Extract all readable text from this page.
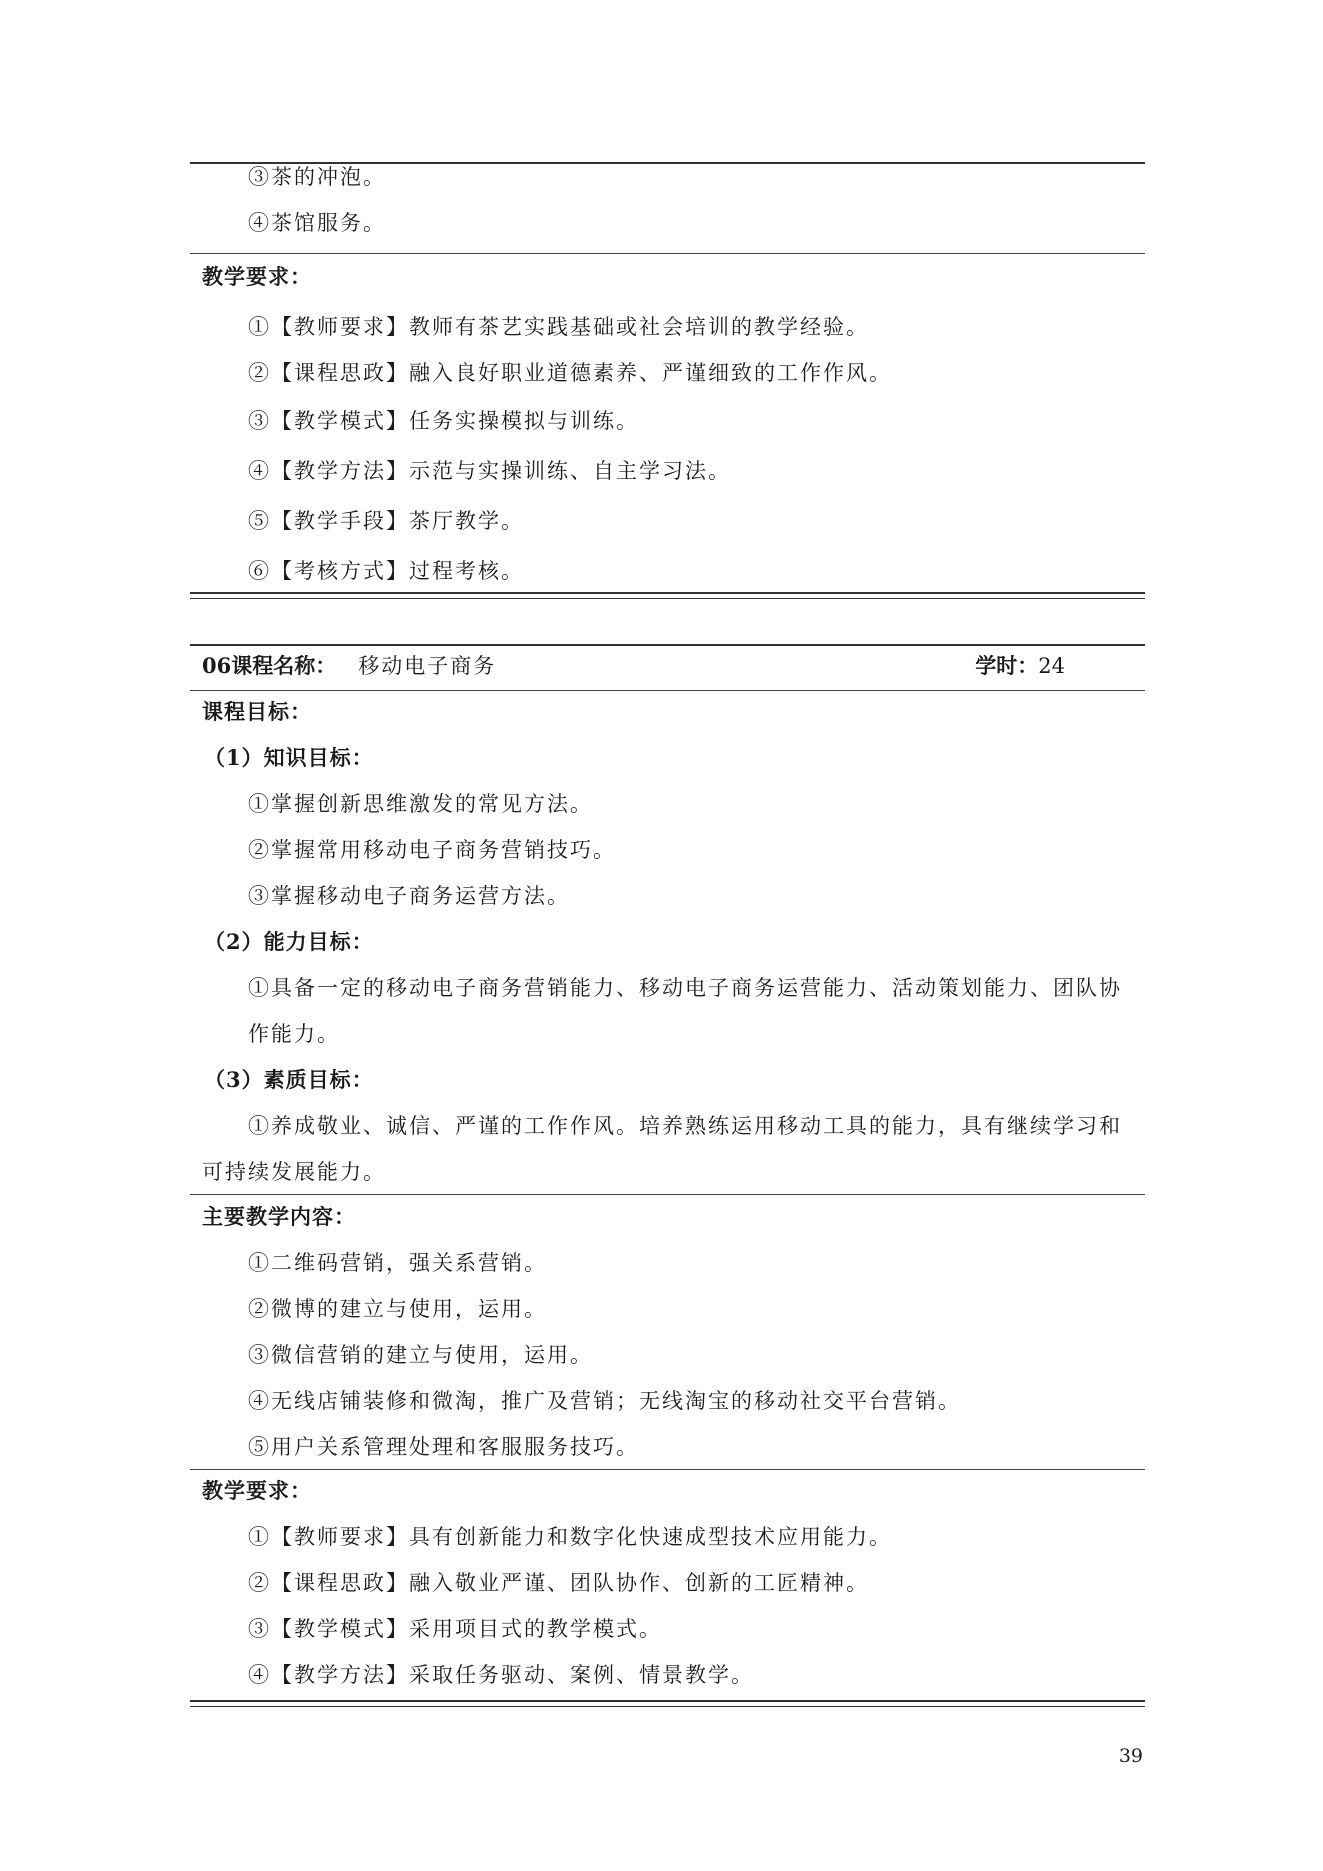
③茶的冲泡。
④茶馆服务。
教学要求：
①【教师要求】教师有茶艺实践基础或社会培训的教学经验。
②【课程思政】融入良好职业道德素养、严谨细致的工作作风。
③【教学模式】任务实操模拟与训练。
④【教学方法】示范与实操训练、自主学习法。
⑤【教学手段】茶厅教学。
⑥【考核方式】过程考核。
06课程名称： 移动电子商务	学时：24
课程目标：
（1）知识目标：
①掌握创新思维激发的常见方法。
②掌握常用移动电子商务营销技巧。
③掌握移动电子商务运营方法。
（2）能力目标：
①具备一定的移动电子商务营销能力、移动电子商务运营能力、活动策划能力、团队协
作能力。
（3）素质目标：
①养成敬业、诚信、严谨的工作作风。培养熟练运用移动工具的能力，具有继续学习和
可持续发展能力。
主要教学内容：
①二维码营销，强关系营销。
②微博的建立与使用，运用。
③微信营销的建立与使用，运用。
④无线店铺装修和微淘，推广及营销；无线淘宝的移动社交平台营销。
⑤用户关系管理处理和客服服务技巧。
教学要求：
①【教师要求】具有创新能力和数字化快速成型技术应用能力。
②【课程思政】融入敬业严谨、团队协作、创新的工匠精神。
③【教学模式】采用项目式的教学模式。
④【教学方法】采取任务驱动、案例、情景教学。
39
